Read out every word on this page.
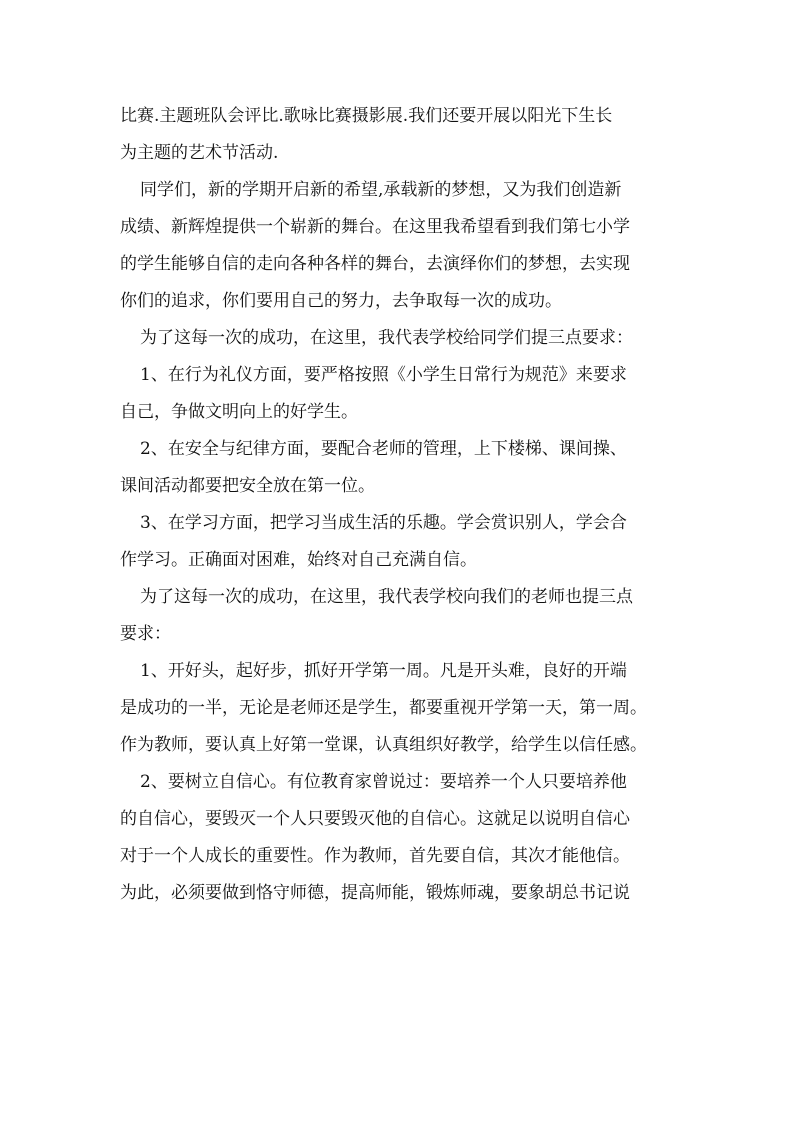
比赛.主题班队会评比.歌咏比赛摄影展.我们还要开展以阳光下生长
为主题的艺术节活动.

同学们，新的学期开启新的希望,承载新的梦想，又为我们创造新
成绩、新辉煌提供一个崭新的舞台。在这里我希望看到我们第七小学
的学生能够自信的走向各种各样的舞台，去演绎你们的梦想，去实现
你们的追求，你们要用自己的努力，去争取每一次的成功。

为了这每一次的成功，在这里，我代表学校给同学们提三点要求：

1、在行为礼仪方面，要严格按照《小学生日常行为规范》来要求
自己，争做文明向上的好学生。

2、在安全与纪律方面，要配合老师的管理，上下楼梯、课间操、
课间活动都要把安全放在第一位。

3、在学习方面，把学习当成生活的乐趣。学会赏识别人，学会合
作学习。正确面对困难，始终对自己充满自信。

为了这每一次的成功，在这里，我代表学校向我们的老师也提三点
要求：

1、开好头，起好步，抓好开学第一周。凡是开头难，良好的开端
是成功的一半，无论是老师还是学生，都要重视开学第一天，第一周。
作为教师，要认真上好第一堂课，认真组织好教学，给学生以信任感。

2、要树立自信心。有位教育家曾说过：要培养一个人只要培养他
的自信心，要毁灭一个人只要毁灭他的自信心。这就足以说明自信心
对于一个人成长的重要性。作为教师，首先要自信，其次才能他信。
为此，必须要做到恪守师德，提高师能，锻炼师魂，要象胡总书记说
